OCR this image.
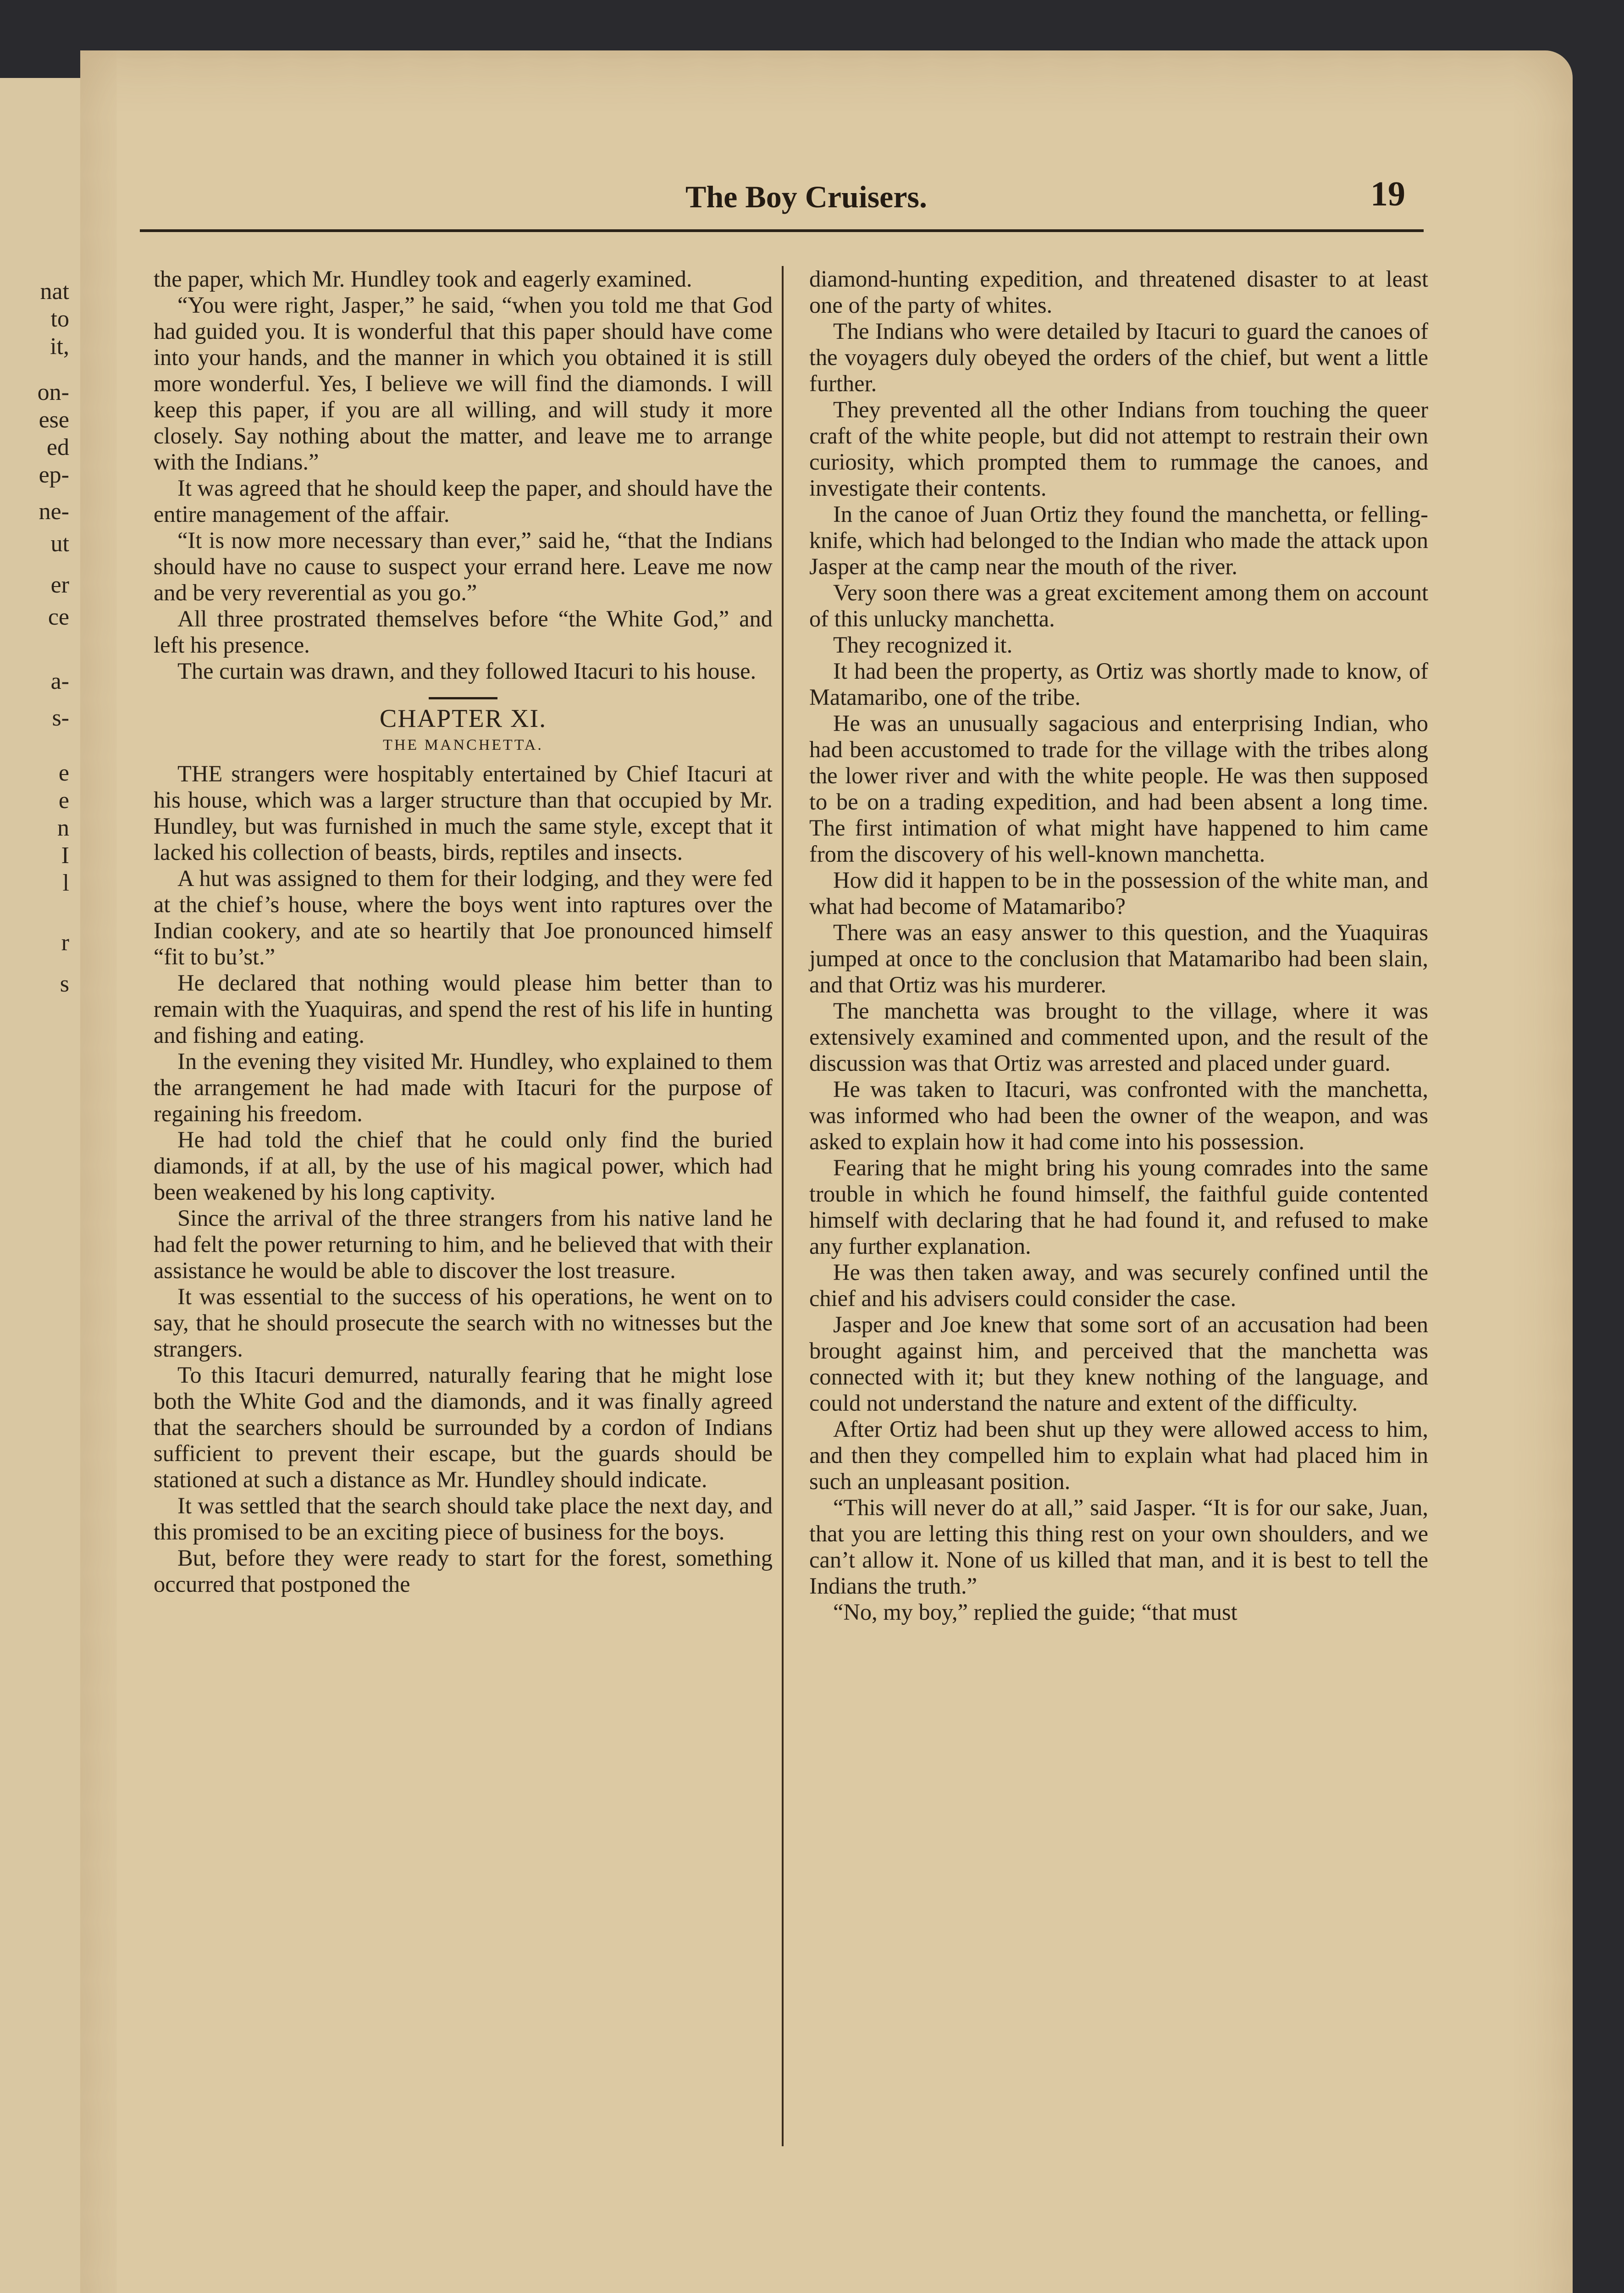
nat
to
it,
on-
ese
ed
ep-
ne-
ut
er
ce
a-
s-
e
e
n
I
l
r
s
The Boy Cruisers.	19

the paper, which Mr. Hundley took and eagerly examined.

“You were right, Jasper,” he said, “when you told me that God had guided you. It is wonderful that this paper should have come into your hands, and the manner in which you obtained it is still more wonderful. Yes, I believe we will find the diamonds. I will keep this paper, if you are all willing, and will study it more closely. Say nothing about the matter, and leave me to arrange with the Indians.”

It was agreed that he should keep the paper, and should have the entire management of the affair.

“It is now more necessary than ever,” said he, “that the Indians should have no cause to suspect your errand here. Leave me now and be very reverential as you go.”

All three prostrated themselves before “the White God,” and left his presence.

The curtain was drawn, and they followed Itacuri to his house.

CHAPTER XI.
THE MANCHETTA.

THE strangers were hospitably entertained by Chief Itacuri at his house, which was a larger structure than that occupied by Mr. Hundley, but was furnished in much the same style, except that it lacked his collection of beasts, birds, reptiles and insects.

A hut was assigned to them for their lodging, and they were fed at the chief’s house, where the boys went into raptures over the Indian cookery, and ate so heartily that Joe pronounced himself “fit to bu’st.”

He declared that nothing would please him better than to remain with the Yuaquiras, and spend the rest of his life in hunting and fishing and eating.

In the evening they visited Mr. Hundley, who explained to them the arrangement he had made with Itacuri for the purpose of regaining his freedom.

He had told the chief that he could only find the buried diamonds, if at all, by the use of his magical power, which had been weakened by his long captivity.

Since the arrival of the three strangers from his native land he had felt the power returning to him, and he believed that with their assistance he would be able to discover the lost treasure.

It was essential to the success of his operations, he went on to say, that he should prosecute the search with no witnesses but the strangers.

To this Itacuri demurred, naturally fearing that he might lose both the White God and the diamonds, and it was finally agreed that the searchers should be surrounded by a cordon of Indians sufficient to prevent their escape, but the guards should be stationed at such a distance as Mr. Hundley should indicate.

It was settled that the search should take place the next day, and this promised to be an exciting piece of business for the boys.

But, before they were ready to start for the forest, something occurred that postponed the

diamond-hunting expedition, and threatened disaster to at least one of the party of whites.

The Indians who were detailed by Itacuri to guard the canoes of the voyagers duly obeyed the orders of the chief, but went a little further.

They prevented all the other Indians from touching the queer craft of the white people, but did not attempt to restrain their own curiosity, which prompted them to rummage the canoes, and investigate their contents.

In the canoe of Juan Ortiz they found the manchetta, or felling-knife, which had belonged to the Indian who made the attack upon Jasper at the camp near the mouth of the river.

Very soon there was a great excitement among them on account of this unlucky manchetta.

They recognized it.

It had been the property, as Ortiz was shortly made to know, of Matamaribo, one of the tribe.

He was an unusually sagacious and enterprising Indian, who had been accustomed to trade for the village with the tribes along the lower river and with the white people. He was then supposed to be on a trading expedition, and had been absent a long time. The first intimation of what might have happened to him came from the discovery of his well-known manchetta.

How did it happen to be in the possession of the white man, and what had become of Matamaribo?

There was an easy answer to this question, and the Yuaquiras jumped at once to the conclusion that Matamaribo had been slain, and that Ortiz was his murderer.

The manchetta was brought to the village, where it was extensively examined and commented upon, and the result of the discussion was that Ortiz was arrested and placed under guard.

He was taken to Itacuri, was confronted with the manchetta, was informed who had been the owner of the weapon, and was asked to explain how it had come into his possession.

Fearing that he might bring his young comrades into the same trouble in which he found himself, the faithful guide contented himself with declaring that he had found it, and refused to make any further explanation.

He was then taken away, and was securely confined until the chief and his advisers could consider the case.

Jasper and Joe knew that some sort of an accusation had been brought against him, and perceived that the manchetta was connected with it; but they knew nothing of the language, and could not understand the nature and extent of the difficulty.

After Ortiz had been shut up they were allowed access to him, and then they compelled him to explain what had placed him in such an unpleasant position.

“This will never do at all,” said Jasper. “It is for our sake, Juan, that you are letting this thing rest on your own shoulders, and we can’t allow it. None of us killed that man, and it is best to tell the Indians the truth.”

“No, my boy,” replied the guide; “that must
